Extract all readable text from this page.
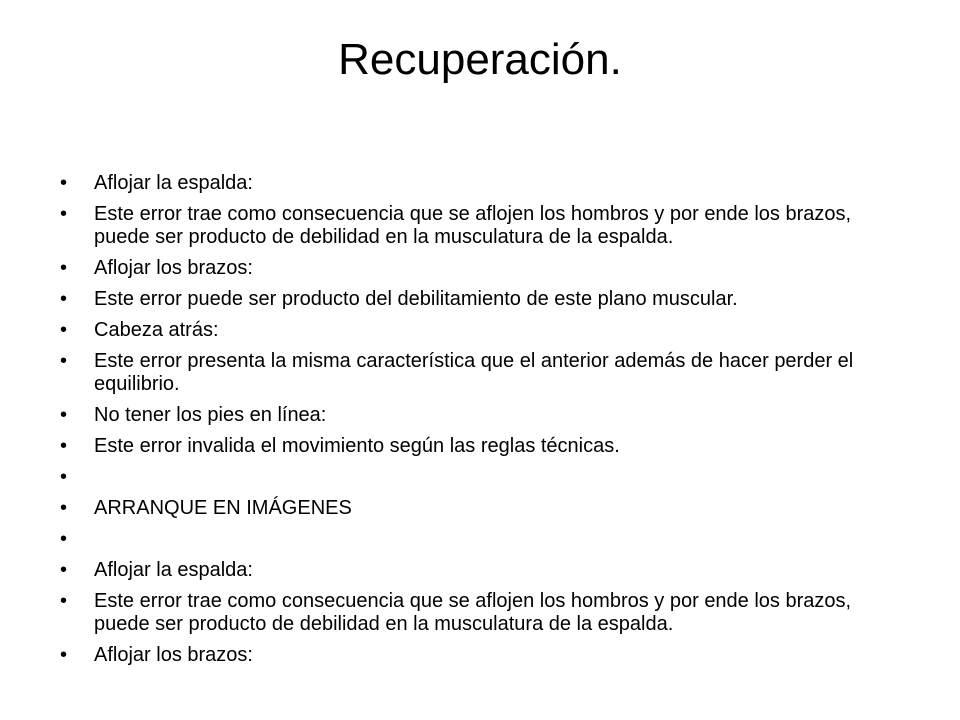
Recuperación.
•	Aflojar la espalda:
•	Este error trae como consecuencia que se aflojen los hombros y por ende los brazos, puede ser producto de debilidad en la musculatura de la espalda.
•	Aflojar los brazos:
•	Este error puede ser producto del debilitamiento de este plano muscular.
•	Cabeza atrás:
•	Este error presenta la misma característica que el anterior además de hacer perder el equilibrio.
•	No tener los pies en línea:
•	Este error invalida el movimiento según las reglas técnicas.
•
•	ARRANQUE EN IMÁGENES
•
•	Aflojar la espalda:
•	Este error trae como consecuencia que se aflojen los hombros y por ende los brazos, puede ser producto de debilidad en la musculatura de la espalda.
•	Aflojar los brazos:
